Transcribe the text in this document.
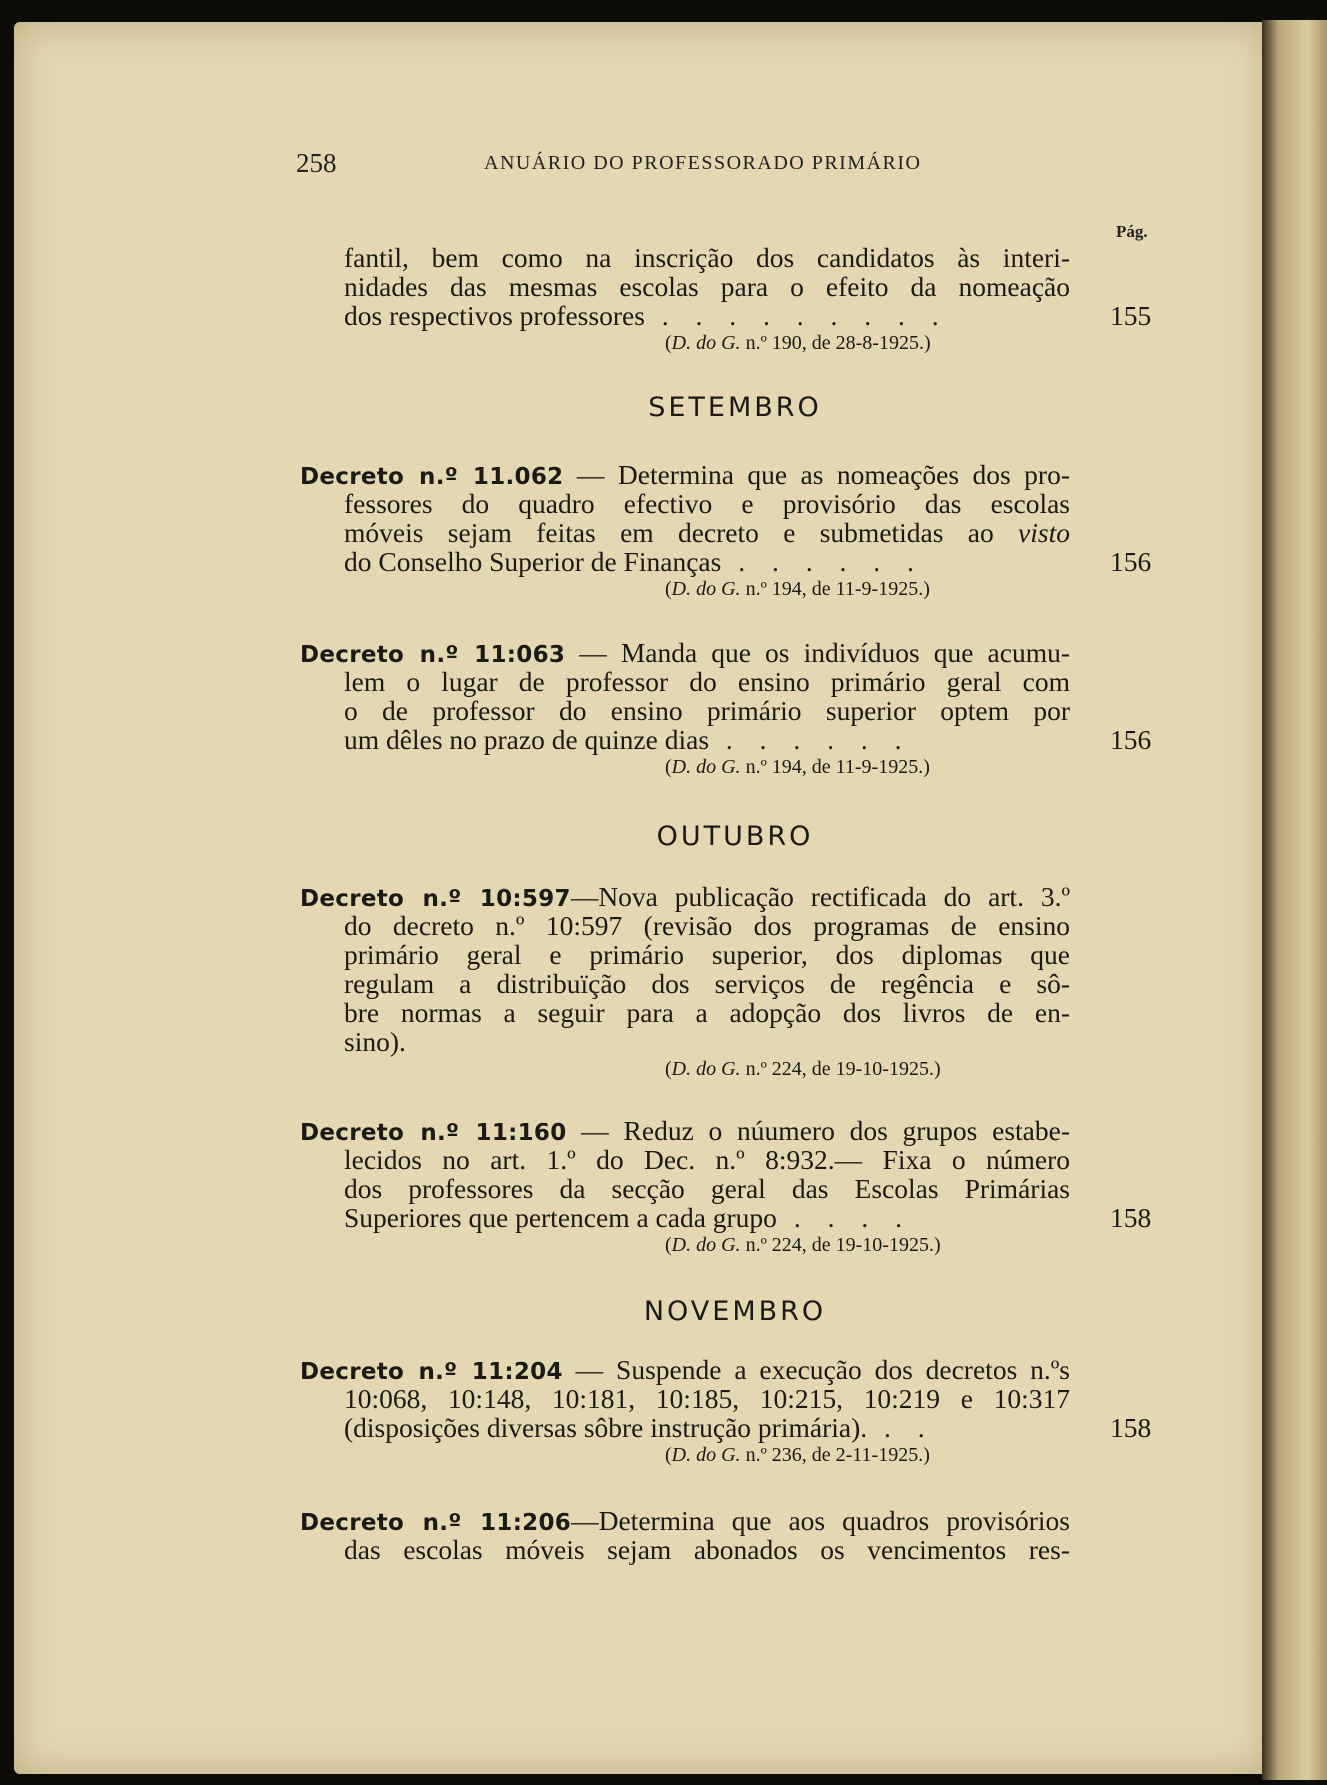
258	ANUÁRIO DO PROFESSORADO PRIMÁRIO
Pág.
fantil, bem como na inscrição dos candidatos às interi-
nidades das mesmas escolas para o efeito da nomeação
dos respectivos professores . . . . . . . . .	155
(D. do G. n.º 190, de 28-8-1925.)
SETEMBRO
Decreto n.º 11.062 — Determina que as nomeações dos pro-
fessores do quadro efectivo e provisório das escolas
móveis sejam feitas em decreto e submetidas ao visto
do Conselho Superior de Finanças . . . . . .	156
(D. do G. n.º 194, de 11-9-1925.)
Decreto n.º 11:063 — Manda que os indivíduos que acumu-
lem o lugar de professor do ensino primário geral com
o de professor do ensino primário superior optem por
um dêles no prazo de quinze dias . . . . . .	156
(D. do G. n.º 194, de 11-9-1925.)
OUTUBRO
Decreto n.º 10:597—Nova publicação rectificada do art. 3.º
do decreto n.º 10:597 (revisão dos programas de ensino
primário geral e primário superior, dos diplomas que
regulam a distribuïção dos serviços de regência e sô-
bre normas a seguir para a adopção dos livros de en-
sino).
(D. do G. n.º 224, de 19-10-1925.)
Decreto n.º 11:160 — Reduz o núumero dos grupos estabe-
lecidos no art. 1.º do Dec. n.º 8:932.— Fixa o número
dos professores da secção geral das Escolas Primárias
Superiores que pertencem a cada grupo . . . .	158
(D. do G. n.º 224, de 19-10-1925.)
NOVEMBRO
Decreto n.º 11:204 — Suspende a execução dos decretos n.ºs
10:068, 10:148, 10:181, 10:185, 10:215, 10:219 e 10:317
(disposições diversas sôbre instrução primária). . .	158
(D. do G. n.º 236, de 2-11-1925.)
Decreto n.º 11:206—Determina que aos quadros provisórios
das escolas móveis sejam abonados os vencimentos res-
